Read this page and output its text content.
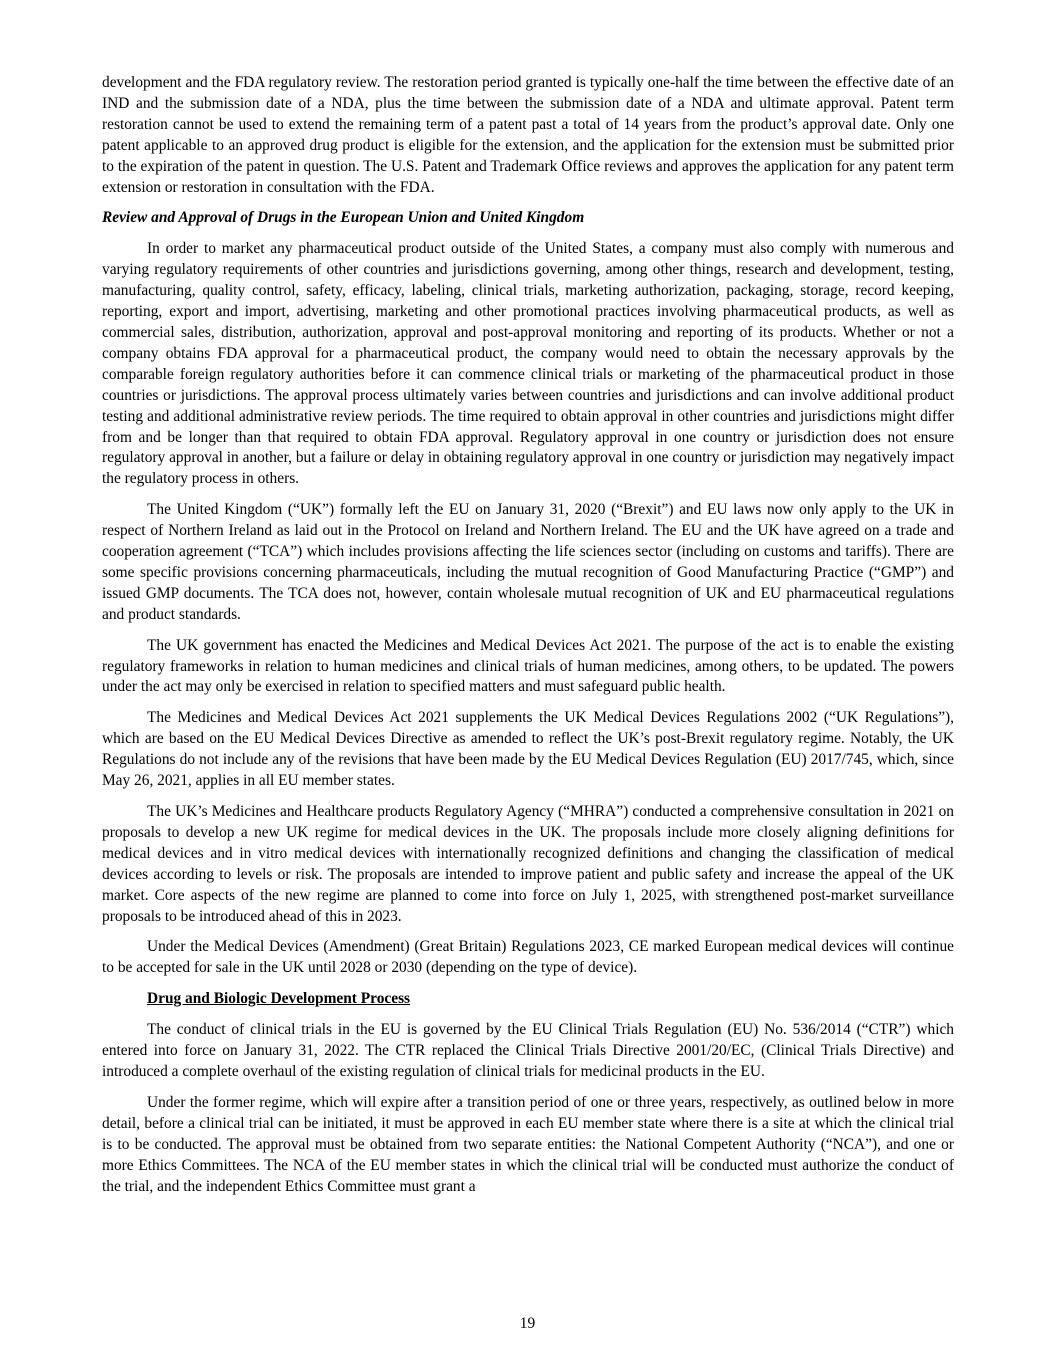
development and the FDA regulatory review. The restoration period granted is typically one-half the time between the effective date of an IND and the submission date of a NDA, plus the time between the submission date of a NDA and ultimate approval. Patent term restoration cannot be used to extend the remaining term of a patent past a total of 14 years from the product’s approval date. Only one patent applicable to an approved drug product is eligible for the extension, and the application for the extension must be submitted prior to the expiration of the patent in question. The U.S. Patent and Trademark Office reviews and approves the application for any patent term extension or restoration in consultation with the FDA.

Review and Approval of Drugs in the European Union and United Kingdom

In order to market any pharmaceutical product outside of the United States, a company must also comply with numerous and varying regulatory requirements of other countries and jurisdictions governing, among other things, research and development, testing, manufacturing, quality control, safety, efficacy, labeling, clinical trials, marketing authorization, packaging, storage, record keeping, reporting, export and import, advertising, marketing and other promotional practices involving pharmaceutical products, as well as commercial sales, distribution, authorization, approval and post-approval monitoring and reporting of its products. Whether or not a company obtains FDA approval for a pharmaceutical product, the company would need to obtain the necessary approvals by the comparable foreign regulatory authorities before it can commence clinical trials or marketing of the pharmaceutical product in those countries or jurisdictions. The approval process ultimately varies between countries and jurisdictions and can involve additional product testing and additional administrative review periods. The time required to obtain approval in other countries and jurisdictions might differ from and be longer than that required to obtain FDA approval. Regulatory approval in one country or jurisdiction does not ensure regulatory approval in another, but a failure or delay in obtaining regulatory approval in one country or jurisdiction may negatively impact the regulatory process in others.

The United Kingdom (“UK”) formally left the EU on January 31, 2020 (“Brexit”) and EU laws now only apply to the UK in respect of Northern Ireland as laid out in the Protocol on Ireland and Northern Ireland. The EU and the UK have agreed on a trade and cooperation agreement (“TCA”) which includes provisions affecting the life sciences sector (including on customs and tariffs). There are some specific provisions concerning pharmaceuticals, including the mutual recognition of Good Manufacturing Practice (“GMP”) and issued GMP documents. The TCA does not, however, contain wholesale mutual recognition of UK and EU pharmaceutical regulations and product standards.

The UK government has enacted the Medicines and Medical Devices Act 2021. The purpose of the act is to enable the existing regulatory frameworks in relation to human medicines and clinical trials of human medicines, among others, to be updated. The powers under the act may only be exercised in relation to specified matters and must safeguard public health.

The Medicines and Medical Devices Act 2021 supplements the UK Medical Devices Regulations 2002 (“UK Regulations”), which are based on the EU Medical Devices Directive as amended to reflect the UK’s post-Brexit regulatory regime. Notably, the UK Regulations do not include any of the revisions that have been made by the EU Medical Devices Regulation (EU) 2017/745, which, since May 26, 2021, applies in all EU member states.

The UK’s Medicines and Healthcare products Regulatory Agency (“MHRA”) conducted a comprehensive consultation in 2021 on proposals to develop a new UK regime for medical devices in the UK. The proposals include more closely aligning definitions for medical devices and in vitro medical devices with internationally recognized definitions and changing the classification of medical devices according to levels or risk. The proposals are intended to improve patient and public safety and increase the appeal of the UK market. Core aspects of the new regime are planned to come into force on July 1, 2025, with strengthened post-market surveillance proposals to be introduced ahead of this in 2023.

Under the Medical Devices (Amendment) (Great Britain) Regulations 2023, CE marked European medical devices will continue to be accepted for sale in the UK until 2028 or 2030 (depending on the type of device).

Drug and Biologic Development Process

The conduct of clinical trials in the EU is governed by the EU Clinical Trials Regulation (EU) No. 536/2014 (“CTR”) which entered into force on January 31, 2022. The CTR replaced the Clinical Trials Directive 2001/20/EC, (Clinical Trials Directive) and introduced a complete overhaul of the existing regulation of clinical trials for medicinal products in the EU.

Under the former regime, which will expire after a transition period of one or three years, respectively, as outlined below in more detail, before a clinical trial can be initiated, it must be approved in each EU member state where there is a site at which the clinical trial is to be conducted. The approval must be obtained from two separate entities: the National Competent Authority (“NCA”), and one or more Ethics Committees. The NCA of the EU member states in which the clinical trial will be conducted must authorize the conduct of the trial, and the independent Ethics Committee must grant a

19
